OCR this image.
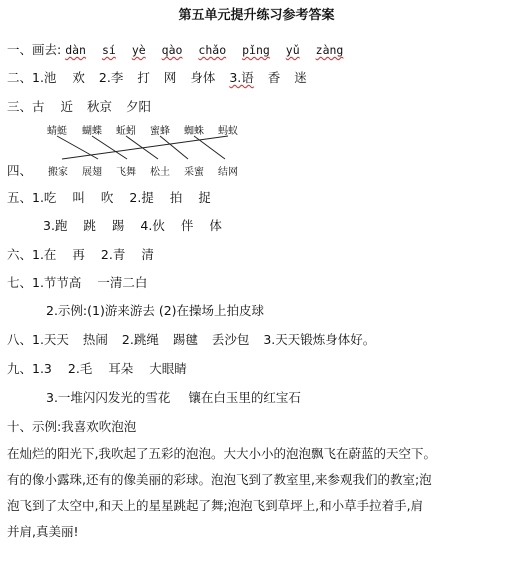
第五单元提升练习参考答案
一、画去: dàn sí yè qào chǎo pǐng yǔ zàng
二、1.池 欢 2.李 打 网 身体 3.语 香 迷
三、古 近 秋京 夕阳
蜻蜓 蝴蝶 蚯蚓 蜜蜂 蜘蛛 蚂蚁
四、 搬家 展翅 飞舞 松土 采蜜 结网
五、1.吃 叫 吹 2.提 拍 捉
3.跑 跳 踢 4.伙 伴 体
六、1.在 再 2.青 清
七、1.节节高 一清二白
2.示例:(1)游来游去 (2)在操场上拍皮球
八、1.天天 热闹 2.跳绳 踢毽 丢沙包 3.天天锻炼身体好。
九、1.3 2.毛 耳朵 大眼睛
3.一堆闪闪发光的雪花 镶在白玉里的红宝石
十、示例:我喜欢吹泡泡
在灿烂的阳光下,我吹起了五彩的泡泡。大大小小的泡泡飘飞在蔚蓝的天空下。
有的像小露珠,还有的像美丽的彩球。泡泡飞到了教室里,来参观我们的教室;泡
泡飞到了太空中,和天上的星星跳起了舞;泡泡飞到草坪上,和小草手拉着手,肩
并肩,真美丽!
